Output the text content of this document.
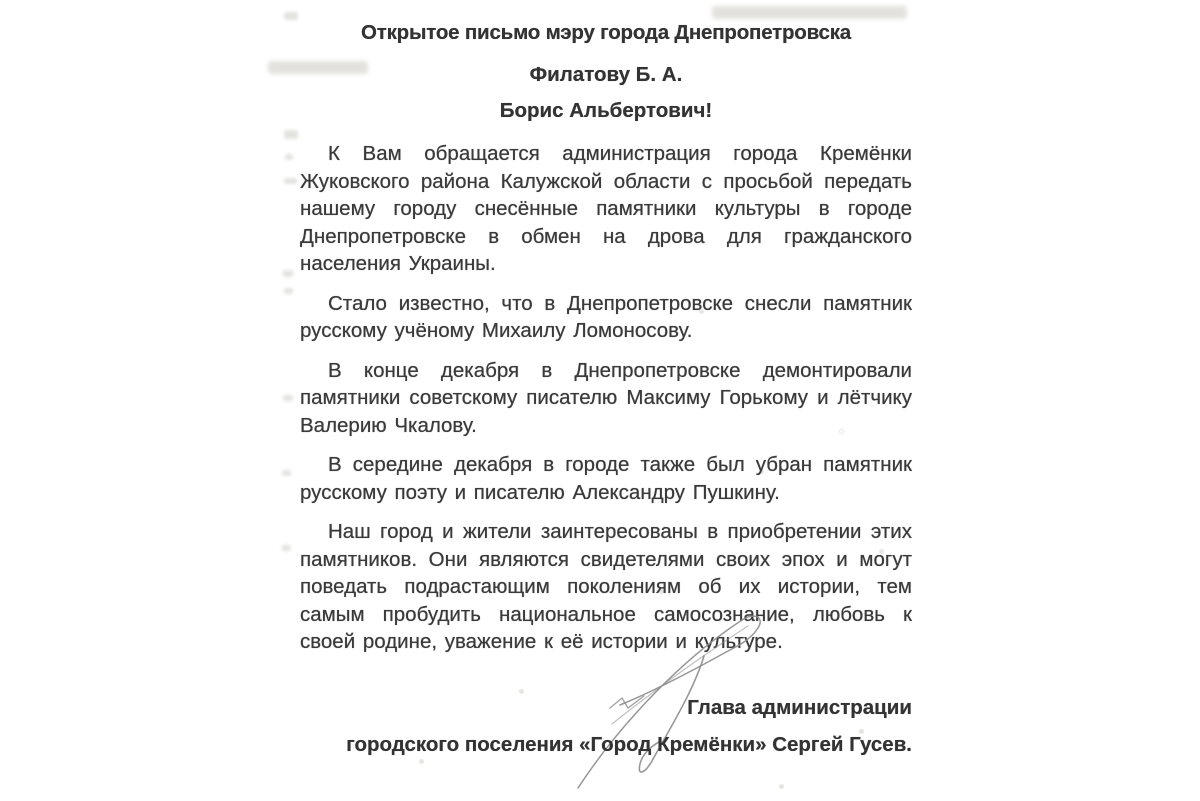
Открытое письмо мэру города Днепропетровска
Филатову Б. А.
Борис Альбертович!

К Вам обращается администрация города Кремёнки Жуковского района Калужской области с просьбой передать нашему городу снесённые памятники культуры в городе Днепропетровске в обмен на дрова для гражданского населения Украины.

Стало известно, что в Днепропетровске снесли памятник русскому учёному Михаилу Ломоносову.

В конце декабря в Днепропетровске демонтировали памятники советскому писателю Максиму Горькому и лётчику Валерию Чкалову.

В середине декабря в городе также был убран памятник русскому поэту и писателю Александру Пушкину.

Наш город и жители заинтересованы в приобретении этих памятников. Они являются свидетелями своих эпох и могут поведать подрастающим поколениям об их истории, тем самым пробудить национальное самосознание, любовь к своей родине, уважение к её истории и культуре.

Глава администрации
городского поселения «Город Кремёнки» Сергей Гусев.
